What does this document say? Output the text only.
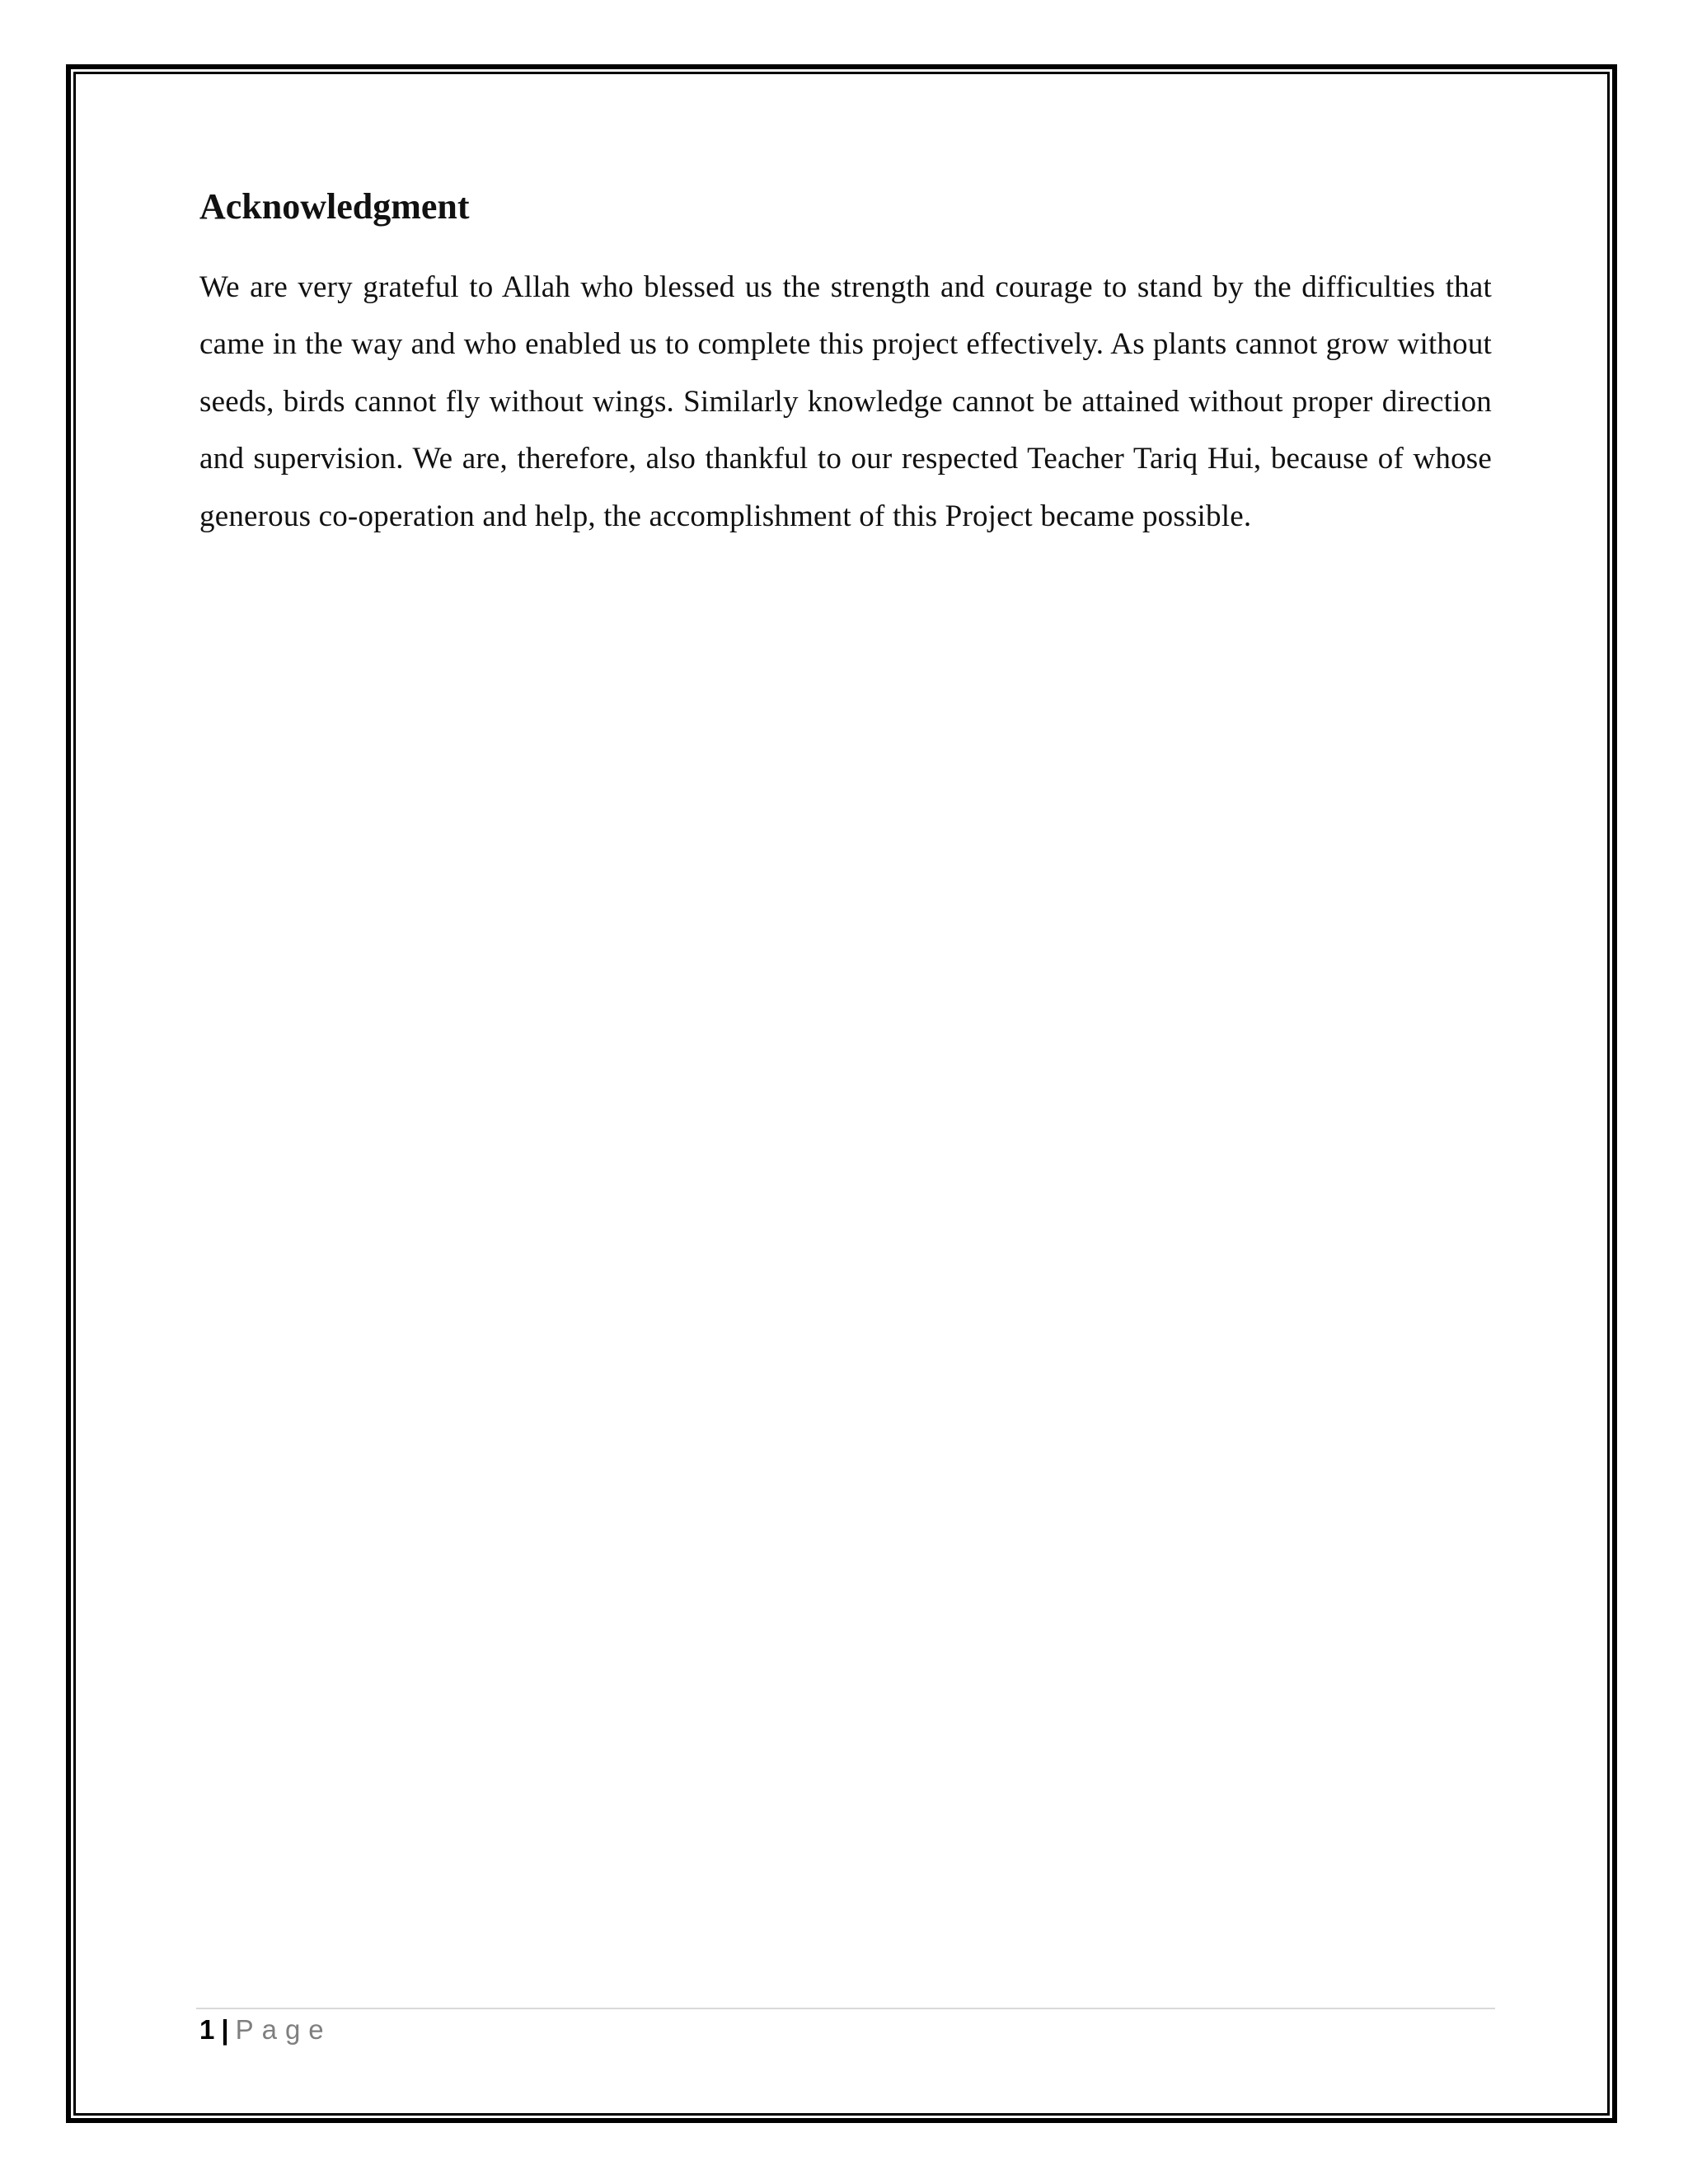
Acknowledgment

We are very grateful to Allah who blessed us the strength and courage to stand by the difficulties that came in the way and who enabled us to complete this project effectively. As plants cannot grow without seeds, birds cannot fly without wings. Similarly knowledge cannot be attained without proper direction and supervision. We are, therefore, also thankful to our respected Teacher Tariq Hui, because of whose generous co-operation and help, the accomplishment of this Project became possible.

1 | Page
